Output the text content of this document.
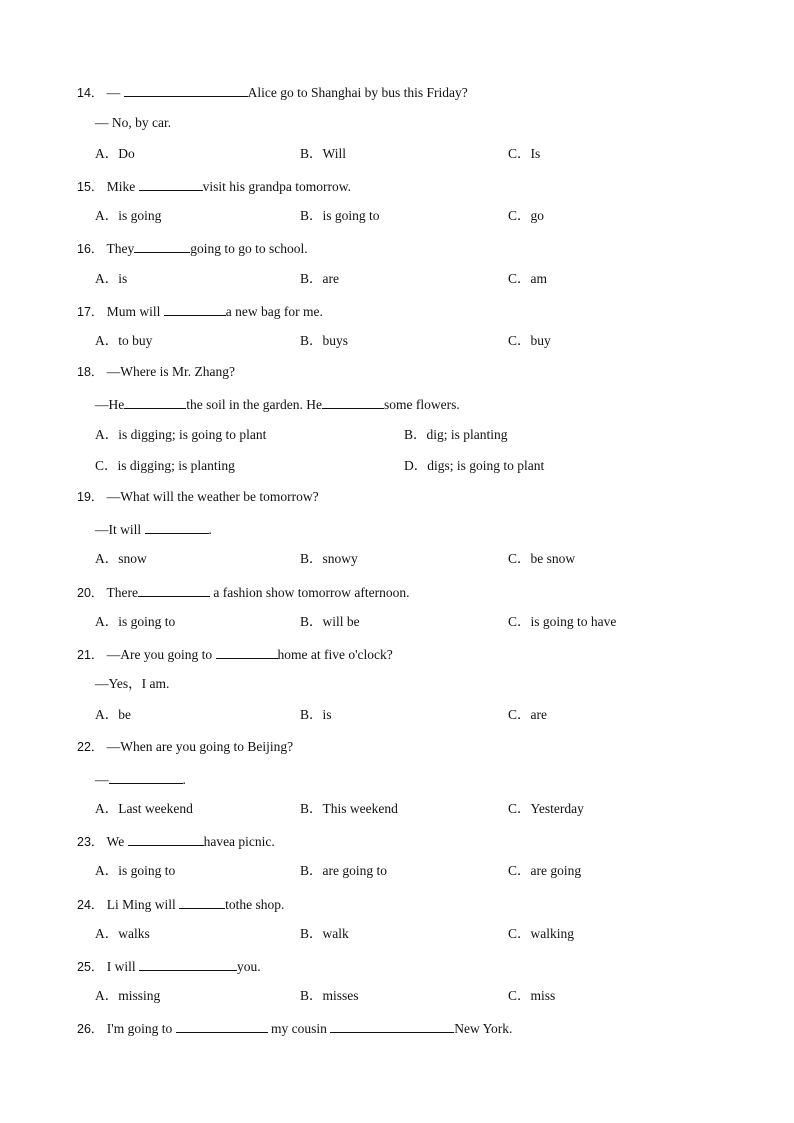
14． —	Alice go to Shanghai by bus this Friday?
— No, by car.
A．Do	B．Will	C．Is
15． Mike	visit his grandpa tomorrow.
A．is going	B．is going to	C．go
16． They	going to go to school.
A．is	B．are	C．am
17． Mum will	a new bag for me.
A．to buy	B．buys	C．buy
18． —Where is Mr. Zhang?
—He	the soil in the garden. He	some flowers.
A．is digging; is going to plant	B．dig; is planting
C．is digging; is planting	D．digs; is going to plant
19． —What will the weather be tomorrow?
—It will	.
A．snow	B．snowy	C．be snow
20． There	a fashion show tomorrow afternoon.
A．is going to	B．will be	C．is going to have
21． —Are you going to	home at five o'clock?
—Yes，I am.
A．be	B．is	C．are
22． —When are you going to Beijing?
—	.
A．Last weekend	B．This weekend	C．Yesterday
23． We	havea picnic.
A．is going to	B．are going to	C．are going
24． Li Ming will	tothe shop.
A．walks	B．walk	C．walking
25． I will	you.
A．missing	B．misses	C．miss
26． I'm going to	my cousin	New York.
